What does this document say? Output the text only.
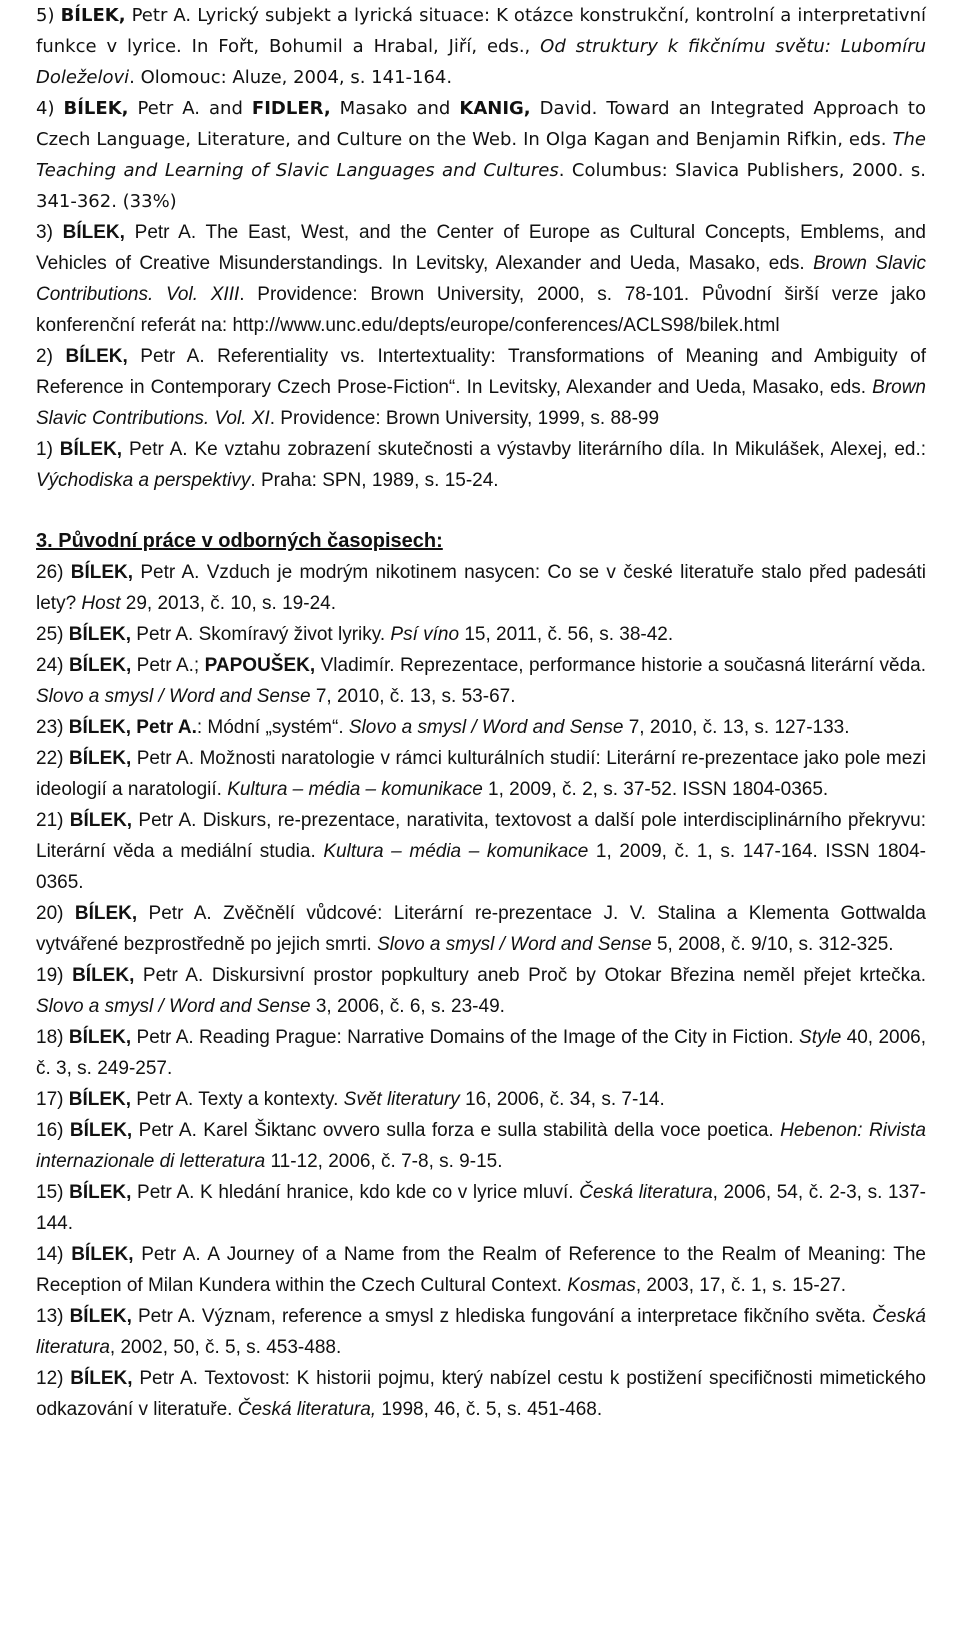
5) BÍLEK, Petr A. Lyrický subjekt a lyrická situace: K otázce konstrukční, kontrolní a interpretativní funkce v lyrice. In Fořt, Bohumil a Hrabal, Jiří, eds., Od struktury k fikčnímu světu: Lubomíru Doleželovi. Olomouc: Aluze, 2004, s. 141-164.

4) BÍLEK, Petr A. and FIDLER, Masako and KANIG, David. Toward an Integrated Approach to Czech Language, Literature, and Culture on the Web. In Olga Kagan and Benjamin Rifkin, eds. The Teaching and Learning of Slavic Languages and Cultures. Columbus: Slavica Publishers, 2000. s. 341-362. (33%)

3) BÍLEK, Petr A. The East, West, and the Center of Europe as Cultural Concepts, Emblems, and Vehicles of Creative Misunderstandings. In Levitsky, Alexander and Ueda, Masako, eds. Brown Slavic Contributions. Vol. XIII. Providence: Brown University, 2000, s. 78-101. Původní širší verze jako konferenční referát na: http://www.unc.edu/depts/europe/conferences/ACLS98/bilek.html

2) BÍLEK, Petr A. Referentiality vs. Intertextuality: Transformations of Meaning and Ambiguity of Reference in Contemporary Czech Prose-Fiction“. In Levitsky, Alexander and Ueda, Masako, eds. Brown Slavic Contributions. Vol. XI. Providence: Brown University, 1999, s. 88-99

1) BÍLEK, Petr A. Ke vztahu zobrazení skutečnosti a výstavby literárního díla. In Mikulášek, Alexej, ed.: Východiska a perspektivy. Praha: SPN, 1989, s. 15-24.

3. Původní práce v odborných časopisech:

26) BÍLEK, Petr A. Vzduch je modrým nikotinem nasycen: Co se v české literatuře stalo před padesáti lety? Host 29, 2013, č. 10, s. 19-24.

25) BÍLEK, Petr A. Skomíravý život lyriky. Psí víno 15, 2011, č. 56, s. 38-42.

24) BÍLEK, Petr A.; PAPOUŠEK, Vladimír. Reprezentace, performance historie a současná literární věda. Slovo a smysl / Word and Sense 7, 2010, č. 13, s. 53-67.

23) BÍLEK, Petr A.: Módní „systém“. Slovo a smysl / Word and Sense 7, 2010, č. 13, s. 127-133.

22) BÍLEK, Petr A. Možnosti naratologie v rámci kulturálních studií: Literární re-prezentace jako pole mezi ideologií a naratologií. Kultura – média – komunikace 1, 2009, č. 2, s. 37-52. ISSN 1804-0365.

21) BÍLEK, Petr A. Diskurs, re-prezentace, narativita, textovost a další pole interdisciplinárního překryvu: Literární věda a mediální studia. Kultura – média – komunikace 1, 2009, č. 1, s. 147-164. ISSN 1804-0365.

20) BÍLEK, Petr A. Zvěčnělí vůdcové: Literární re-prezentace J. V. Stalina a Klementa Gottwalda vytvářené bezprostředně po jejich smrti. Slovo a smysl / Word and Sense 5, 2008, č. 9/10, s. 312-325.

19) BÍLEK, Petr A. Diskursivní prostor popkultury aneb Proč by Otokar Březina neměl přejet krtečka. Slovo a smysl / Word and Sense 3, 2006, č. 6, s. 23-49.

18) BÍLEK, Petr A. Reading Prague: Narrative Domains of the Image of the City in Fiction. Style 40, 2006, č. 3, s. 249-257.

17) BÍLEK, Petr A. Texty a kontexty. Svět literatury 16, 2006, č. 34, s. 7-14.

16) BÍLEK, Petr A. Karel Šiktanc ovvero sulla forza e sulla stabilità della voce poetica. Hebenon: Rivista internazionale di letteratura 11-12, 2006, č. 7-8, s. 9-15.

15) BÍLEK, Petr A. K hledání hranice, kdo kde co v lyrice mluví. Česká literatura, 2006, 54, č. 2-3, s. 137-144.

14) BÍLEK, Petr A. A Journey of a Name from the Realm of Reference to the Realm of Meaning: The Reception of Milan Kundera within the Czech Cultural Context. Kosmas, 2003, 17, č. 1, s. 15-27.

13) BÍLEK, Petr A. Význam, reference a smysl z hlediska fungování a interpretace fikčního světa. Česká literatura, 2002, 50, č. 5, s. 453-488.

12) BÍLEK, Petr A. Textovost: K historii pojmu, který nabízel cestu k postižení specifičnosti mimetického odkazování v literatuře. Česká literatura, 1998, 46, č. 5, s. 451-468.
